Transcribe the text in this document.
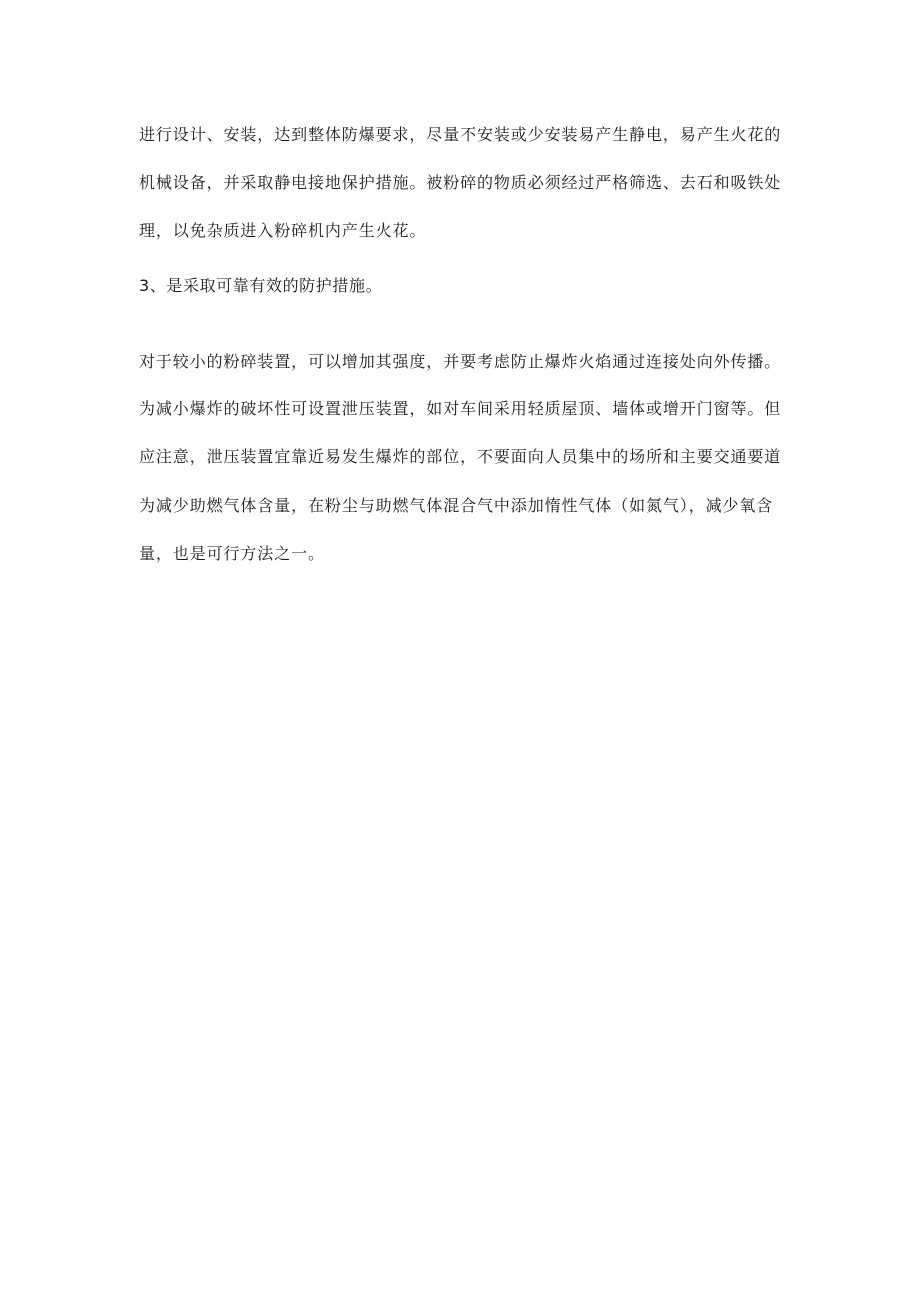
进行设计、安装，达到整体防爆要求，尽量不安装或少安装易产生静电，易产生火花的
机械设备，并采取静电接地保护措施。被粉碎的物质必须经过严格筛选、去石和吸铁处
理，以免杂质进入粉碎机内产生火花。
3、是采取可靠有效的防护措施。
对于较小的粉碎装置，可以增加其强度，并要考虑防止爆炸火焰通过连接处向外传播。
为减小爆炸的破坏性可设置泄压装置，如对车间采用轻质屋顶、墙体或增开门窗等。但
应注意，泄压装置宜靠近易发生爆炸的部位，不要面向人员集中的场所和主要交通要道
为减少助燃气体含量，在粉尘与助燃气体混合气中添加惰性气体（如氮气），减少氧含
量，也是可行方法之一。
